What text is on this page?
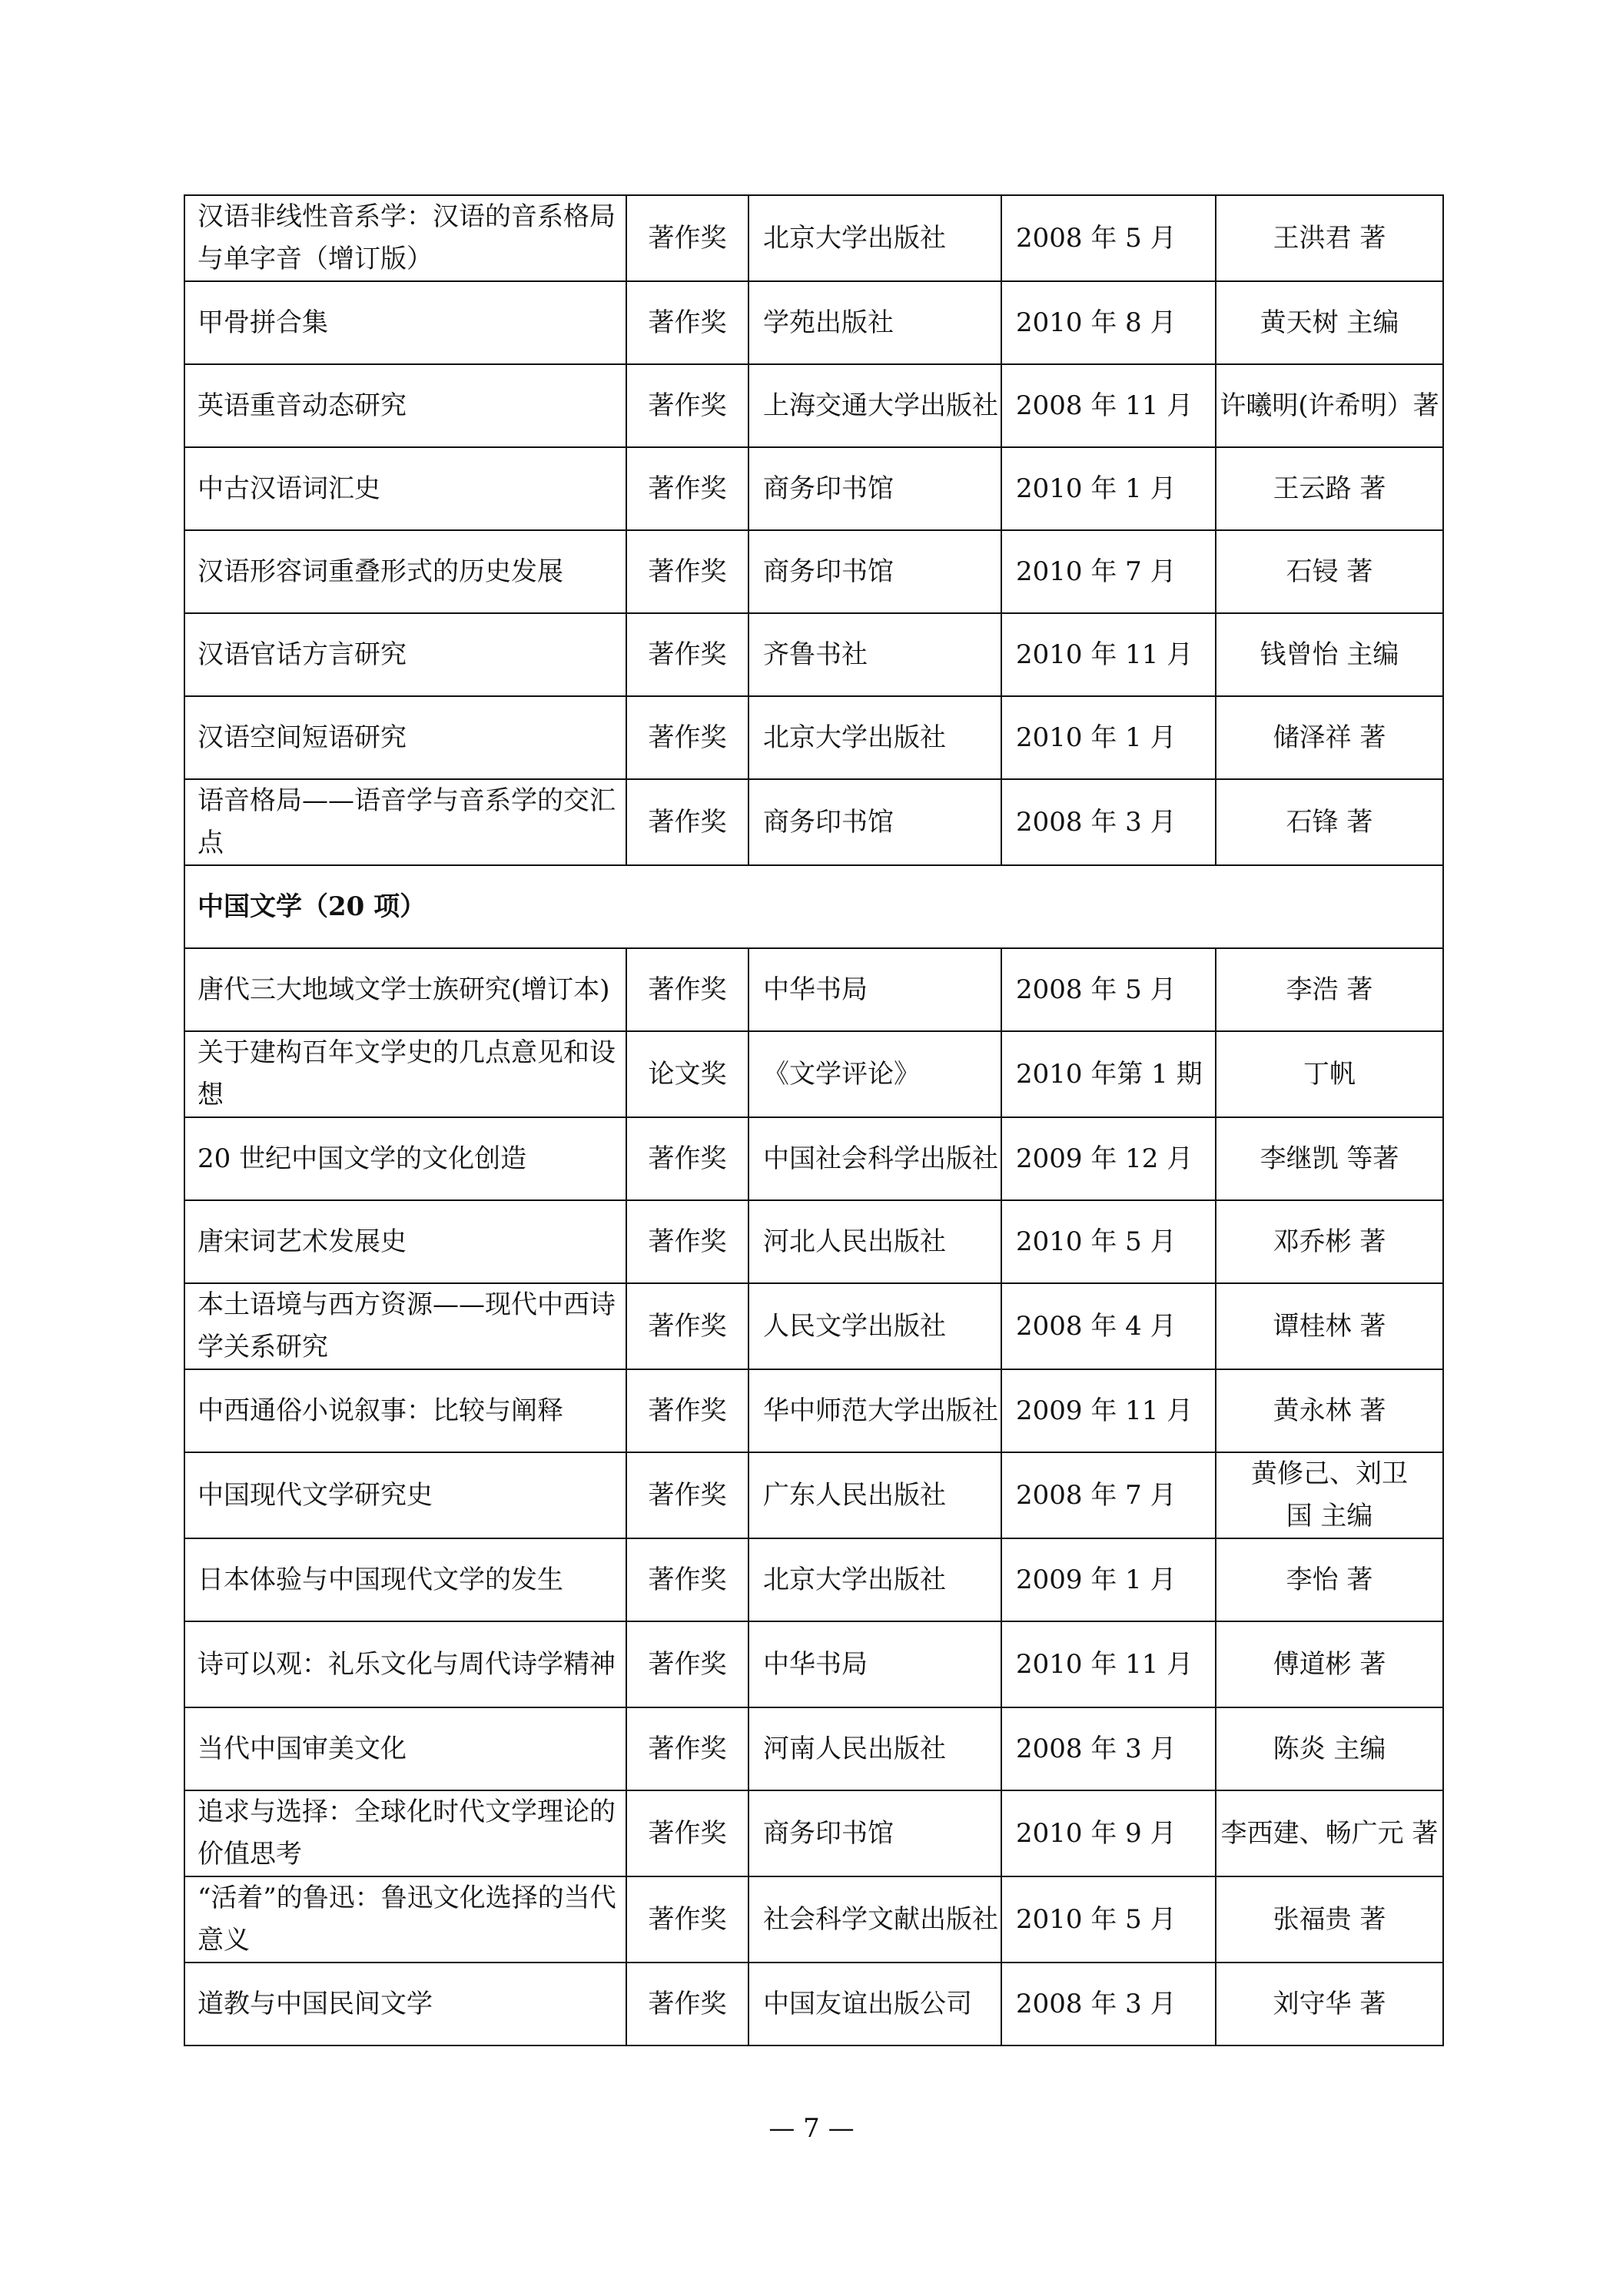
汉语非线性音系学：汉语的音系格局与单字音（增订版）	著作奖	北京大学出版社	2008 年 5 月	王洪君 著
甲骨拼合集	著作奖	学苑出版社	2010 年 8 月	黄天树 主编
英语重音动态研究	著作奖	上海交通大学出版社	2008 年 11 月	许曦明(许希明）著
中古汉语词汇史	著作奖	商务印书馆	2010 年 1 月	王云路 著
汉语形容词重叠形式的历史发展	著作奖	商务印书馆	2010 年 7 月	石锓 著
汉语官话方言研究	著作奖	齐鲁书社	2010 年 11 月	钱曾怡 主编
汉语空间短语研究	著作奖	北京大学出版社	2010 年 1 月	储泽祥 著
语音格局——语音学与音系学的交汇点	著作奖	商务印书馆	2008 年 3 月	石锋 著
中国文学（20 项）				
唐代三大地域文学士族研究(增订本)	著作奖	中华书局	2008 年 5 月	李浩 著
关于建构百年文学史的几点意见和设想	论文奖	《文学评论》	2010 年第 1 期	丁帆
20 世纪中国文学的文化创造	著作奖	中国社会科学出版社	2009 年 12 月	李继凯 等著
唐宋词艺术发展史	著作奖	河北人民出版社	2010 年 5 月	邓乔彬 著
本土语境与西方资源——现代中西诗学关系研究	著作奖	人民文学出版社	2008 年 4 月	谭桂林 著
中西通俗小说叙事：比较与阐释	著作奖	华中师范大学出版社	2009 年 11 月	黄永林 著
中国现代文学研究史	著作奖	广东人民出版社	2008 年 7 月	黄修己、刘卫国 主编
日本体验与中国现代文学的发生	著作奖	北京大学出版社	2009 年 1 月	李怡 著
诗可以观：礼乐文化与周代诗学精神	著作奖	中华书局	2010 年 11 月	傅道彬 著
当代中国审美文化	著作奖	河南人民出版社	2008 年 3 月	陈炎 主编
追求与选择：全球化时代文学理论的价值思考	著作奖	商务印书馆	2010 年 9 月	李西建、畅广元 著
“活着”的鲁迅：鲁迅文化选择的当代意义	著作奖	社会科学文献出版社	2010 年 5 月	张福贵 著
道教与中国民间文学	著作奖	中国友谊出版公司	2008 年 3 月	刘守华 著
— 7 —
